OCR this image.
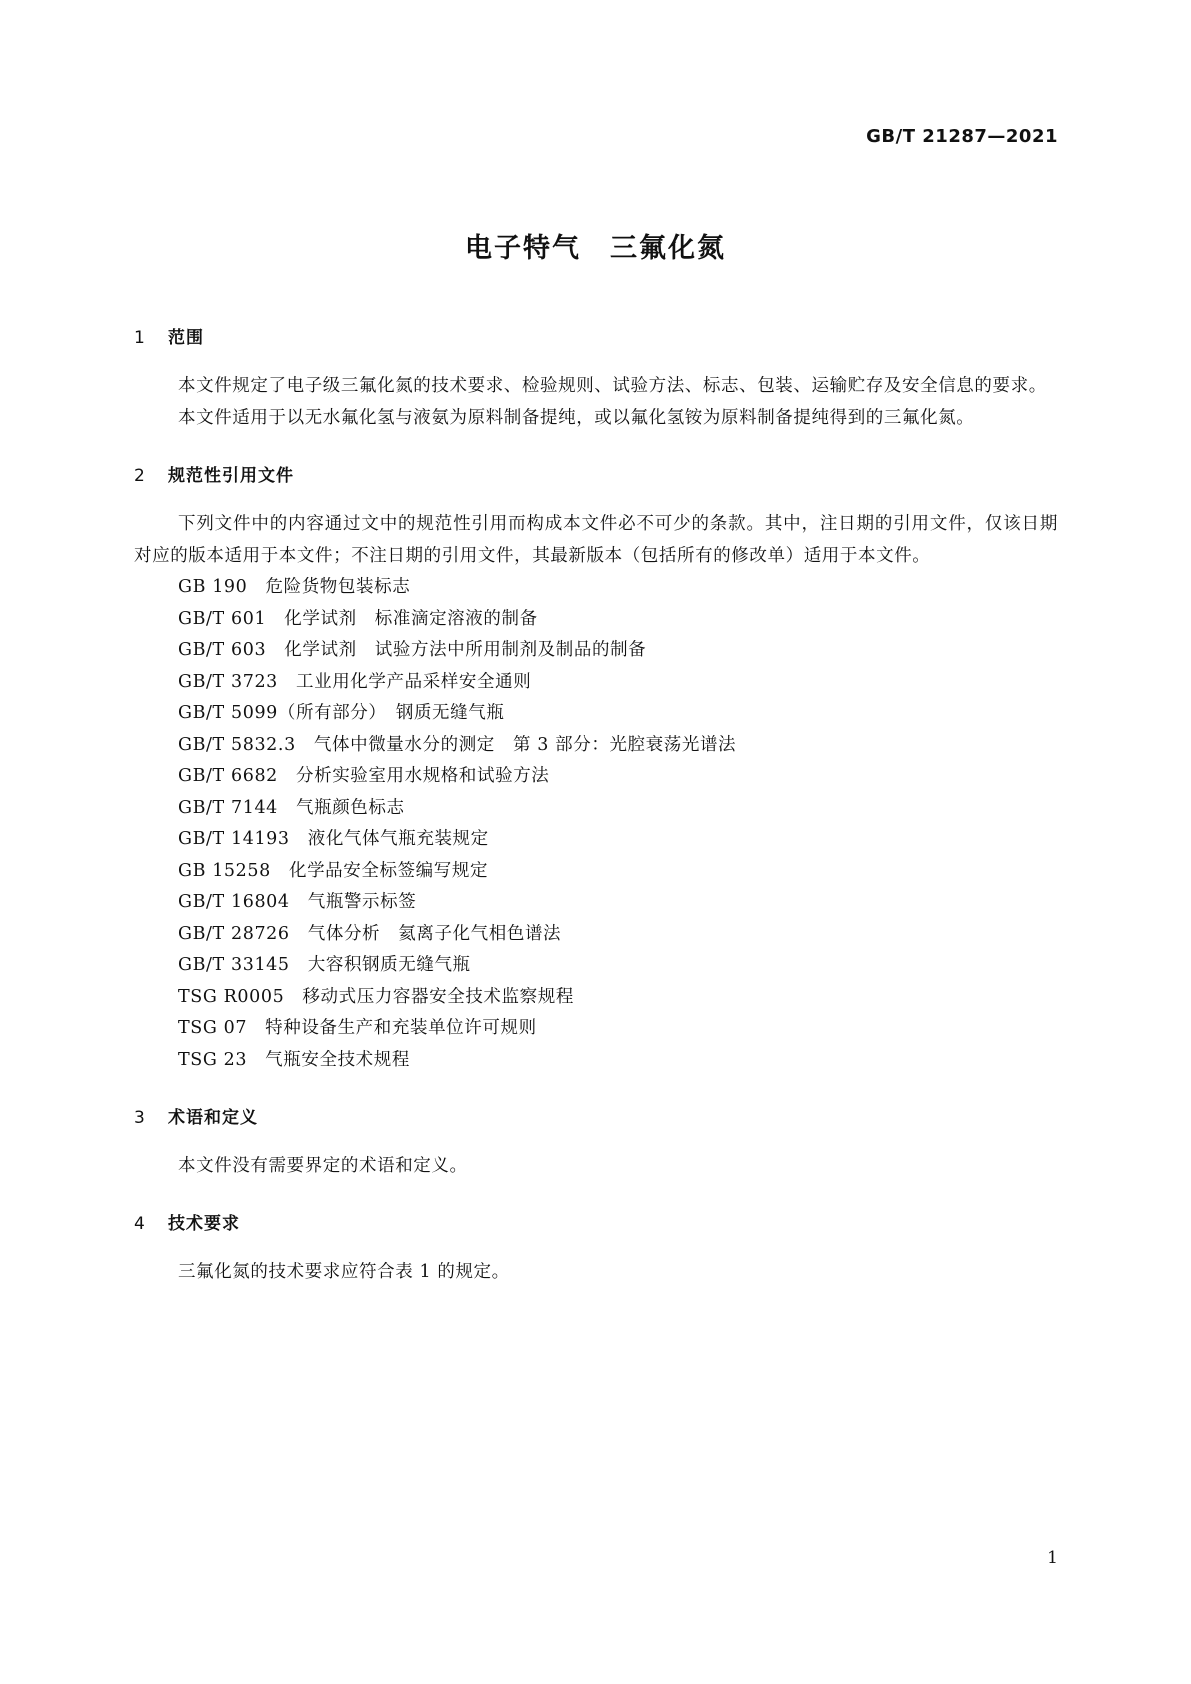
GB/T 21287—2021
电子特气　三氟化氮
1 范围

本文件规定了电子级三氟化氮的技术要求、检验规则、试验方法、标志、包装、运输贮存及安全信息的要求。

本文件适用于以无水氟化氢与液氨为原料制备提纯，或以氟化氢铵为原料制备提纯得到的三氟化氮。

2 规范性引用文件

下列文件中的内容通过文中的规范性引用而构成本文件必不可少的条款。其中，注日期的引用文件，仅该日期对应的版本适用于本文件；不注日期的引用文件，其最新版本（包括所有的修改单）适用于本文件。

GB 190　危险货物包装标志
GB/T 601　化学试剂　标准滴定溶液的制备
GB/T 603　化学试剂　试验方法中所用制剂及制品的制备
GB/T 3723　工业用化学产品采样安全通则
GB/T 5099（所有部分）　钢质无缝气瓶
GB/T 5832.3　气体中微量水分的测定　第 3 部分：光腔衰荡光谱法
GB/T 6682　分析实验室用水规格和试验方法
GB/T 7144　气瓶颜色标志
GB/T 14193　液化气体气瓶充装规定
GB 15258　化学品安全标签编写规定
GB/T 16804　气瓶警示标签
GB/T 28726　气体分析　氦离子化气相色谱法
GB/T 33145　大容积钢质无缝气瓶
TSG R0005　移动式压力容器安全技术监察规程
TSG 07　特种设备生产和充装单位许可规则
TSG 23　气瓶安全技术规程
3 术语和定义

本文件没有需要界定的术语和定义。

4 技术要求

三氟化氮的技术要求应符合表 1 的规定。

1
